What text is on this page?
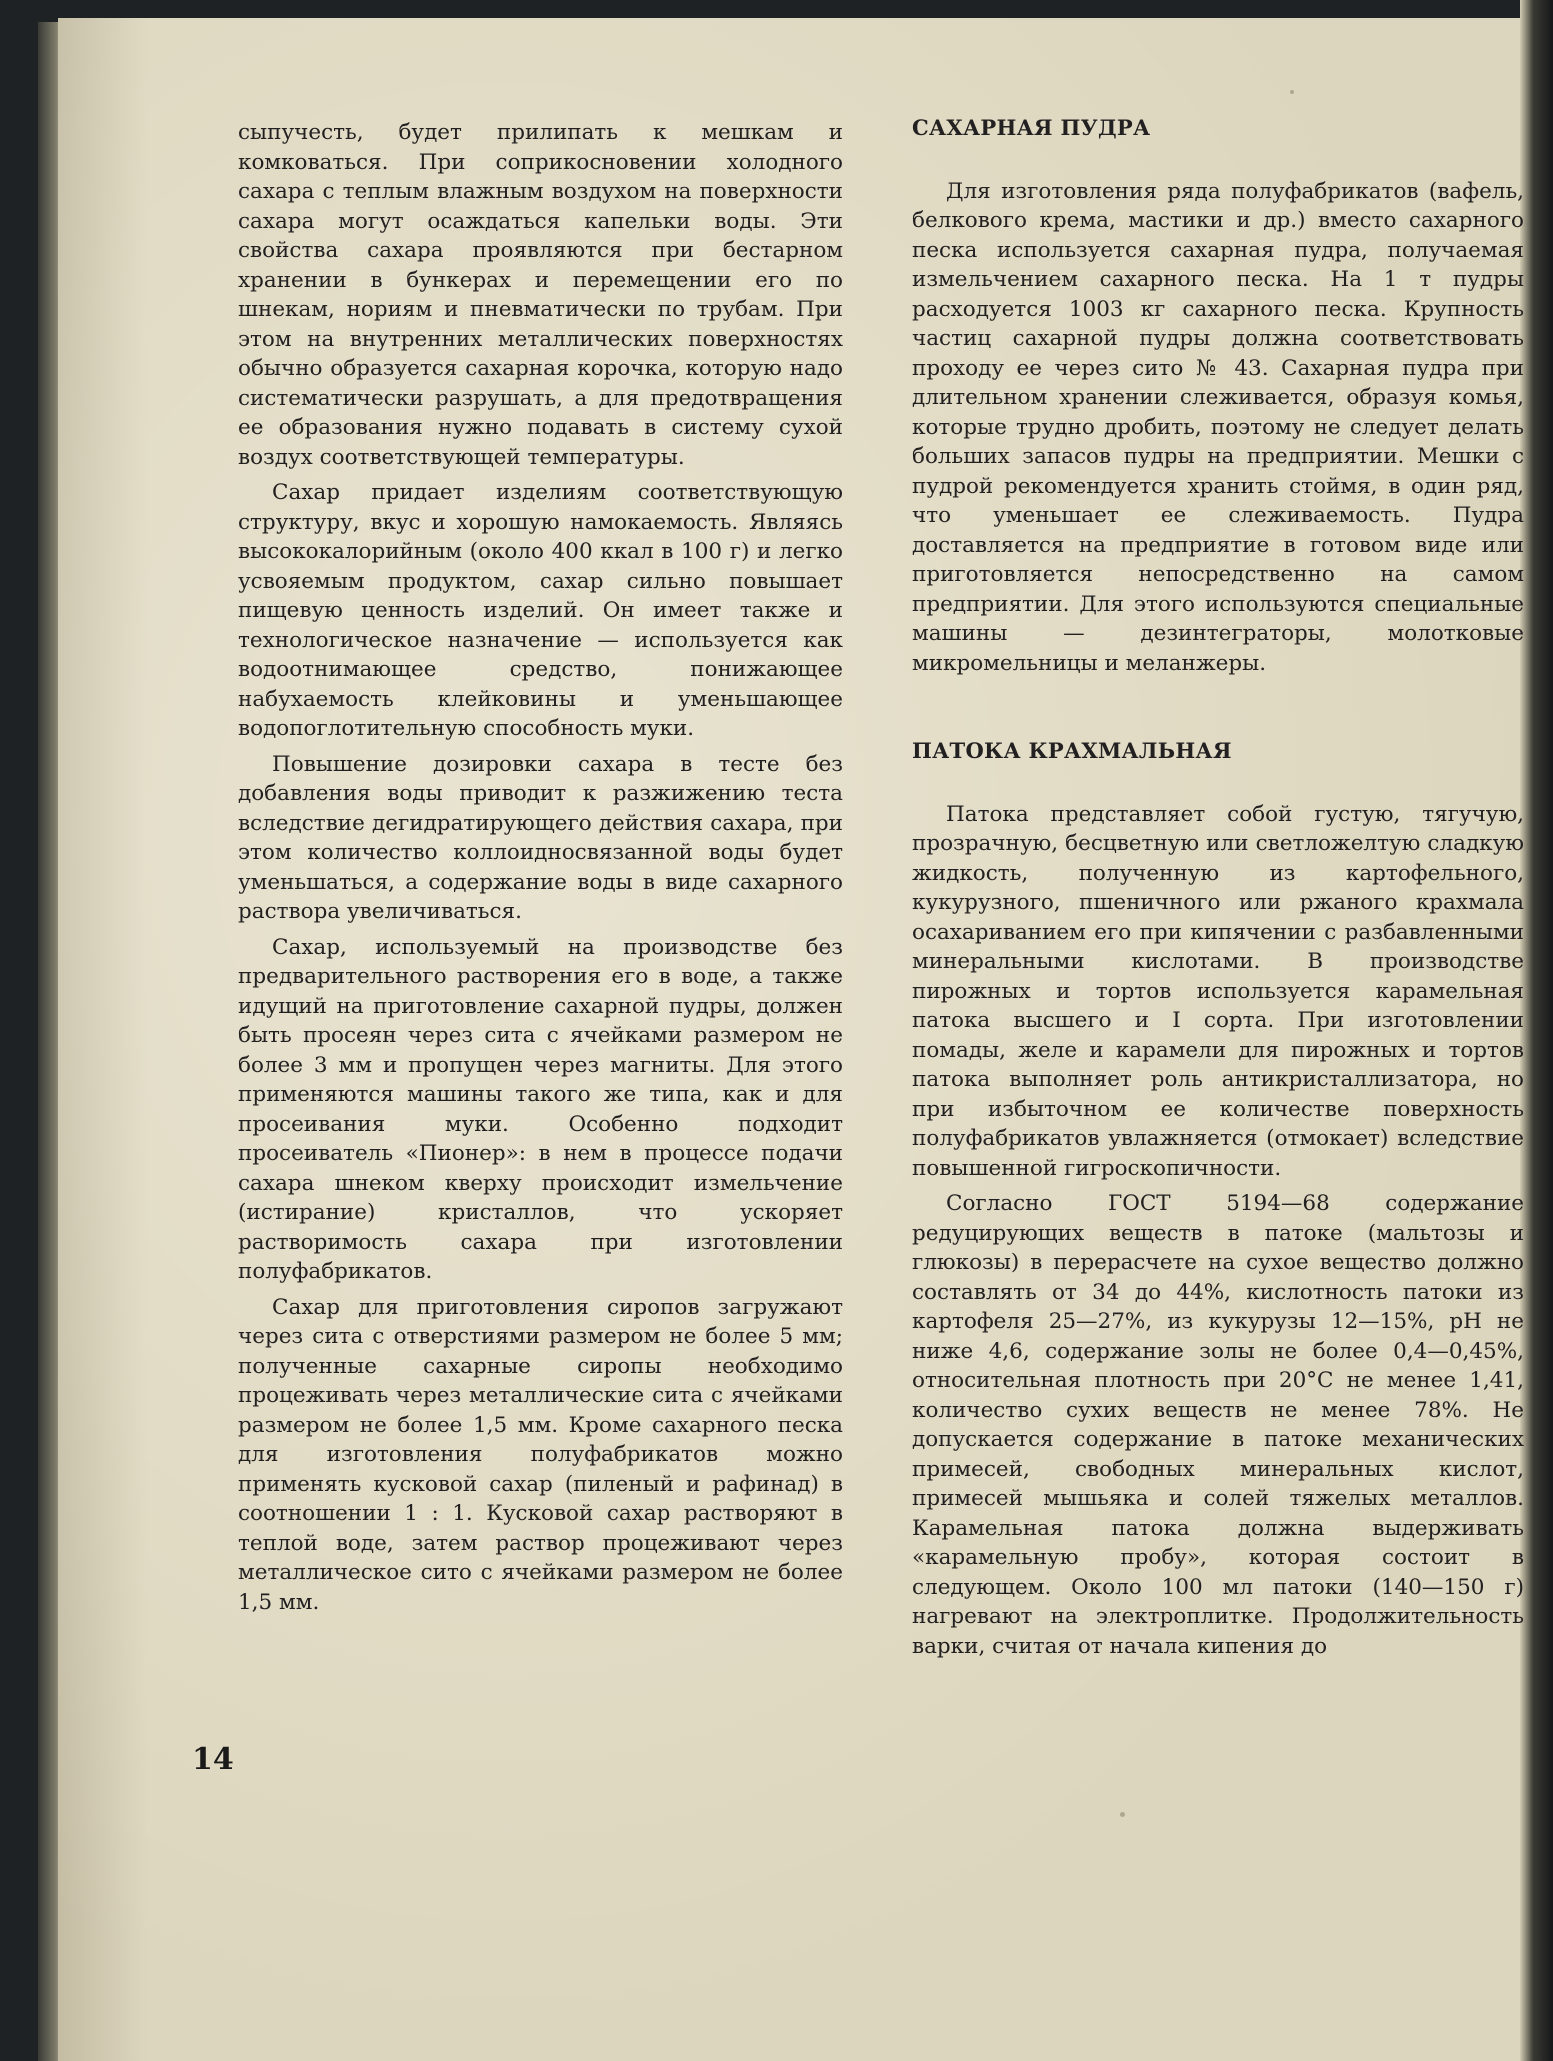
сыпучесть, будет прилипать к мешкам и комковаться. При соприкосновении холодного сахара с теплым влажным воздухом на поверхности сахара могут осаждаться капельки воды. Эти свойства сахара проявляются при бестарном хранении в бункерах и перемещении его по шнекам, нориям и пневматически по трубам. При этом на внутренних металлических поверхностях обычно образуется сахарная корочка, которую надо систематически разрушать, а для предотвращения ее образования нужно подавать в систему сухой воздух соответствующей температуры.

Сахар придает изделиям соответствующую структуру, вкус и хорошую намокаемость. Являясь высококалорийным (около 400 ккал в 100 г) и легко усвояемым продуктом, сахар сильно повышает пищевую ценность изделий. Он имеет также и технологическое назначение — используется как водоотнимающее средство, понижающее набухаемость клейковины и уменьшающее водопоглотительную способность муки.

Повышение дозировки сахара в тесте без добавления воды приводит к разжижению теста вследствие дегидратирующего действия сахара, при этом количество коллоидносвязанной воды будет уменьшаться, а содержание воды в виде сахарного раствора увеличиваться.

Сахар, используемый на производстве без предварительного растворения его в воде, а также идущий на приготовление сахарной пудры, должен быть просеян через сита с ячейками размером не более 3 мм и пропущен через магниты. Для этого применяются машины такого же типа, как и для просеивания муки. Особенно подходит просеиватель «Пионер»: в нем в процессе подачи сахара шнеком кверху происходит измельчение (истирание) кристаллов, что ускоряет растворимость сахара при изготовлении полуфабрикатов.

Сахар для приготовления сиропов загружают через сита с отверстиями размером не более 5 мм; полученные сахарные сиропы необходимо процеживать через металлические сита с ячейками размером не более 1,5 мм. Кроме сахарного песка для изготовления полуфабрикатов можно применять кусковой сахар (пиленый и рафинад) в соотношении 1 : 1. Кусковой сахар растворяют в теплой воде, затем раствор процеживают через металлическое сито с ячейками размером не более 1,5 мм.

САХАРНАЯ ПУДРА

Для изготовления ряда полуфабрикатов (вафель, белкового крема, мастики и др.) вместо сахарного песка используется сахарная пудра, получаемая измельчением сахарного песка. На 1 т пудры расходуется 1003 кг сахарного песка. Крупность частиц сахарной пудры должна соответствовать проходу ее через сито № 43. Сахарная пудра при длительном хранении слеживается, образуя комья, которые трудно дробить, поэтому не следует делать больших запасов пудры на предприятии. Мешки с пудрой рекомендуется хранить стоймя, в один ряд, что уменьшает ее слеживаемость. Пудра доставляется на предприятие в готовом виде или приготовляется непосредственно на самом предприятии. Для этого используются специальные машины — дезинтеграторы, молотковые микромельницы и меланжеры.

ПАТОКА КРАХМАЛЬНАЯ

Патока представляет собой густую, тягучую, прозрачную, бесцветную или светложелтую сладкую жидкость, полученную из картофельного, кукурузного, пшеничного или ржаного крахмала осахариванием его при кипячении с разбавленными минеральными кислотами. В производстве пирожных и тортов используется карамельная патока высшего и I сорта. При изготовлении помады, желе и карамели для пирожных и тортов патока выполняет роль антикристаллизатора, но при избыточном ее количестве поверхность полуфабрикатов увлажняется (отмокает) вследствие повышенной гигроскопичности.

Согласно ГОСТ 5194—68 содержание редуцирующих веществ в патоке (мальтозы и глюкозы) в перерасчете на сухое вещество должно составлять от 34 до 44%, кислотность патоки из картофеля 25—27%, из кукурузы 12—15%, pH не ниже 4,6, содержание золы не более 0,4—0,45%, относительная плотность при 20°C не менее 1,41, количество сухих веществ не менее 78%. Не допускается содержание в патоке механических примесей, свободных минеральных кислот, примесей мышьяка и солей тяжелых металлов. Карамельная патока должна выдерживать «карамельную пробу», которая состоит в следующем. Около 100 мл патоки (140—150 г) нагревают на электроплитке. Продолжительность варки, считая от начала кипения до

14
